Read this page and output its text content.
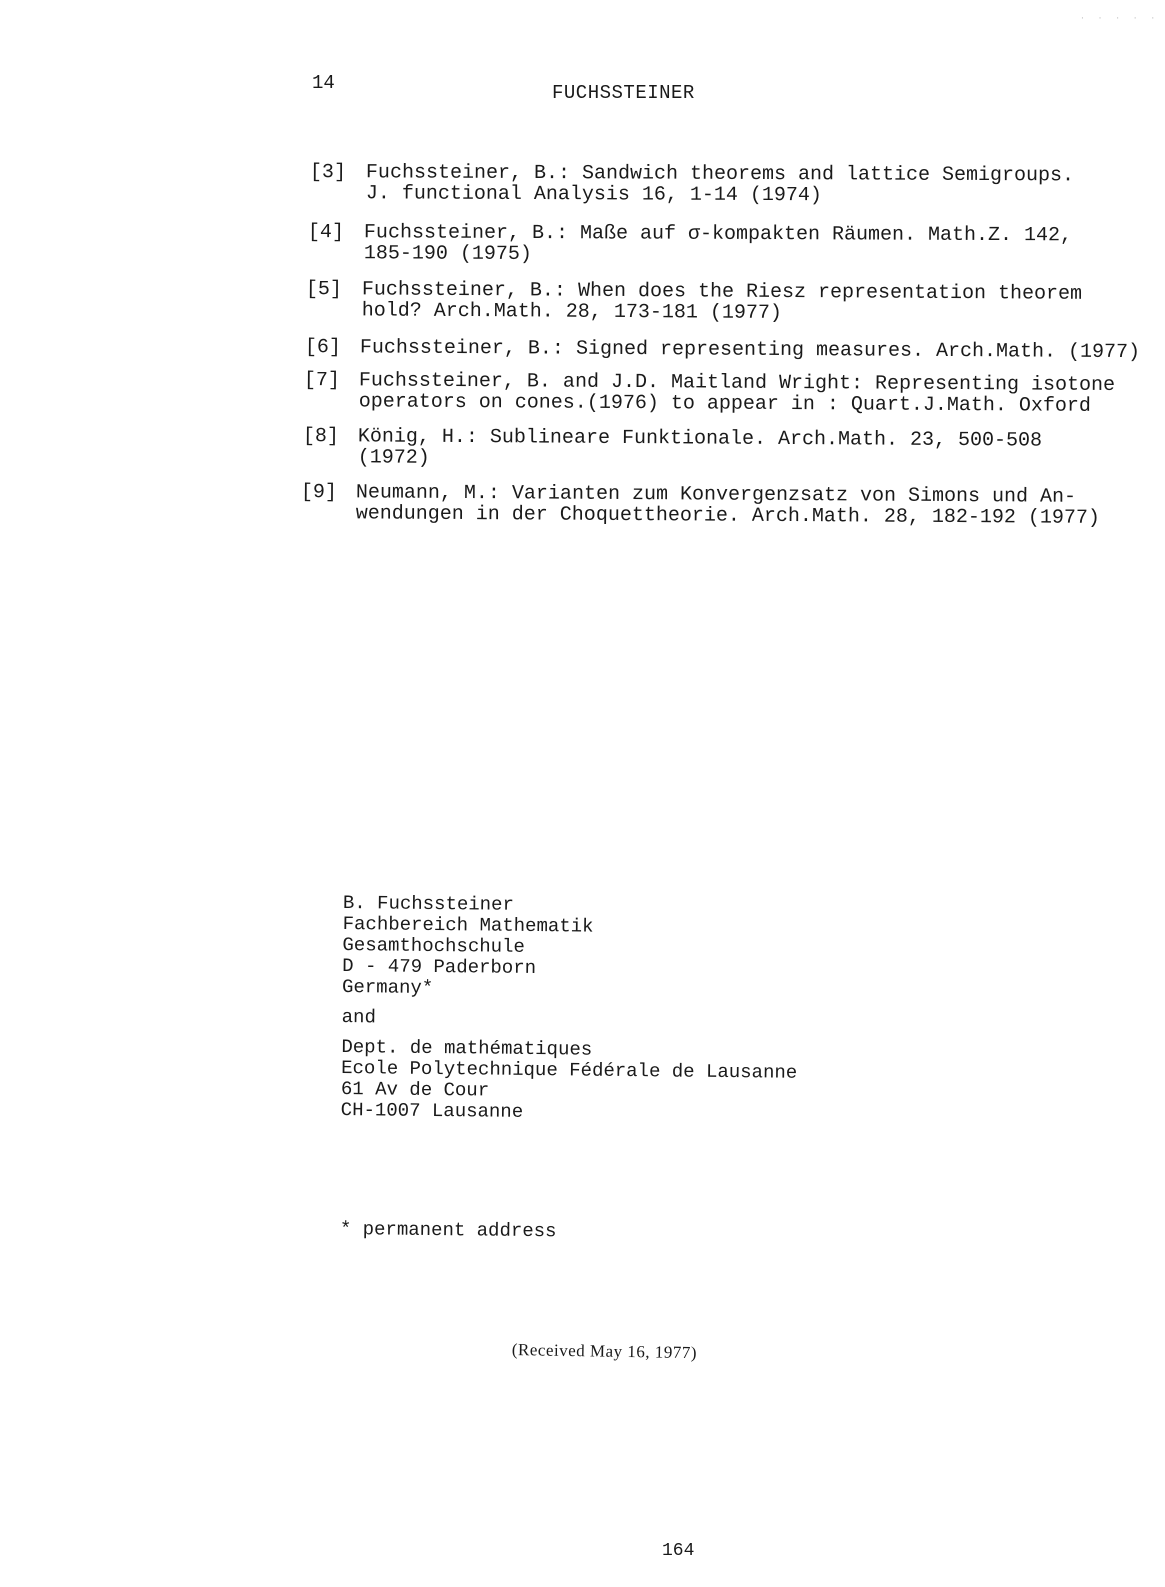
14	FUCHSSTEINER
· · · · ·
[3] Fuchssteiner, B.: Sandwich theorems and lattice Semigroups.
J. functional Analysis 16, 1-14 (1974)
[4] Fuchssteiner, B.: Maße auf σ-kompakten Räumen. Math.Z. 142,
185-190 (1975)
[5] Fuchssteiner, B.: When does the Riesz representation theorem
hold? Arch.Math. 28, 173-181 (1977)
[6] Fuchssteiner, B.: Signed representing measures. Arch.Math. (1977)
[7] Fuchssteiner, B. and J.D. Maitland Wright: Representing isotone
operators on cones.(1976) to appear in : Quart.J.Math. Oxford
[8] König, H.: Sublineare Funktionale. Arch.Math. 23, 500-508
(1972)
[9] Neumann, M.: Varianten zum Konvergenzsatz von Simons und An-
wendungen in der Choquettheorie. Arch.Math. 28, 182-192 (1977)
B. Fuchssteiner
Fachbereich Mathematik
Gesamthochschule
D - 479 Paderborn
Germany*
and
Dept. de mathématiques
Ecole Polytechnique Fédérale de Lausanne
61 Av de Cour
CH-1007 Lausanne
* permanent address
(Received May 16, 1977)
164
